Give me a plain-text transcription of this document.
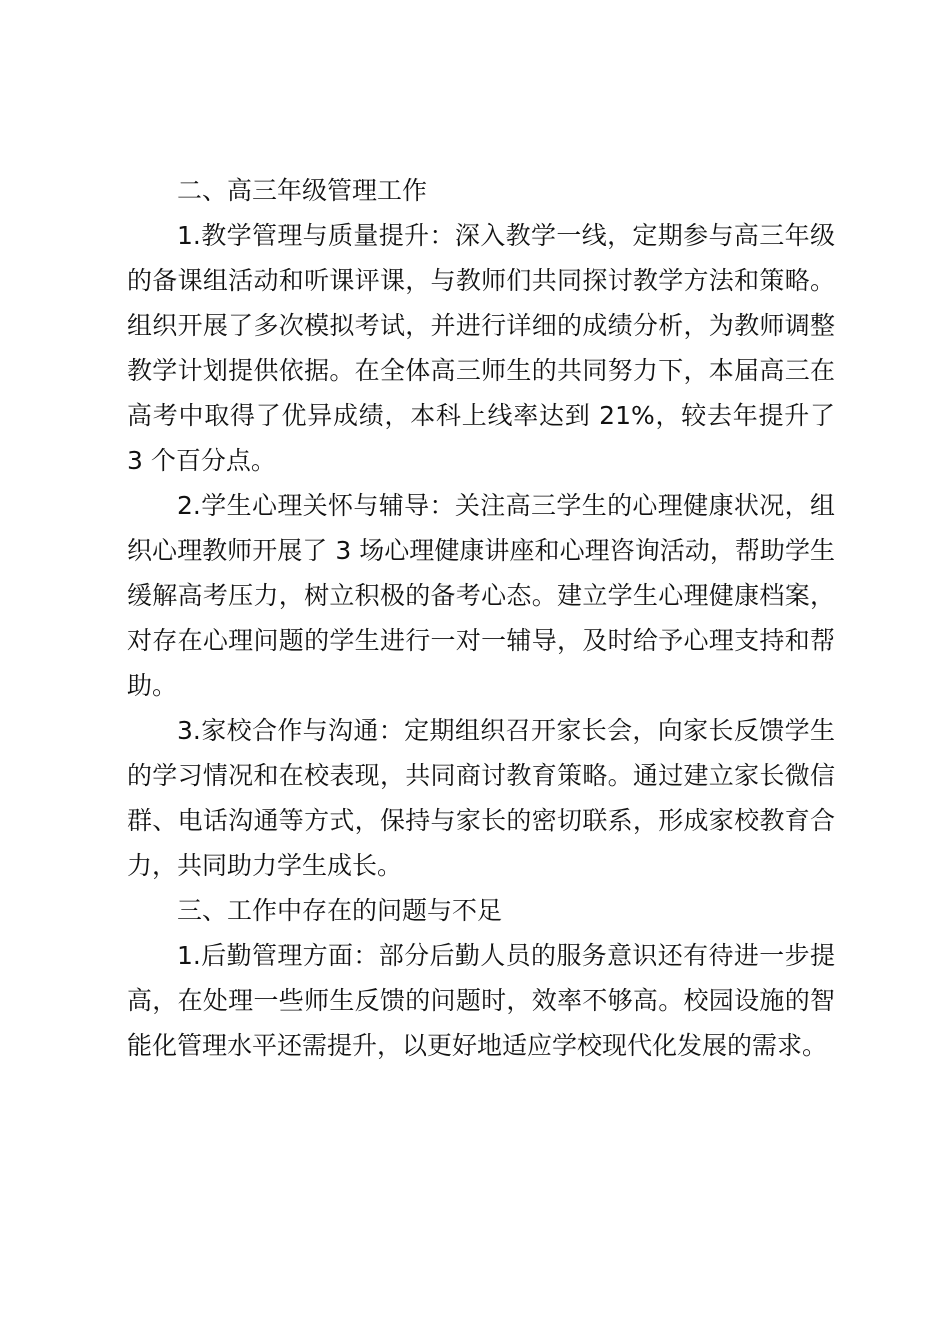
二、高三年级管理工作

1.教学管理与质量提升：深入教学一线，定期参与高三年级的备课组活动和听课评课，与教师们共同探讨教学方法和策略。组织开展了多次模拟考试，并进行详细的成绩分析，为教师调整教学计划提供依据。在全体高三师生的共同努力下，本届高三在高考中取得了优异成绩，本科上线率达到 21%，较去年提升了 3 个百分点。

2.学生心理关怀与辅导：关注高三学生的心理健康状况，组织心理教师开展了 3 场心理健康讲座和心理咨询活动，帮助学生缓解高考压力，树立积极的备考心态。建立学生心理健康档案，对存在心理问题的学生进行一对一辅导，及时给予心理支持和帮助。

3.家校合作与沟通：定期组织召开家长会，向家长反馈学生的学习情况和在校表现，共同商讨教育策略。通过建立家长微信群、电话沟通等方式，保持与家长的密切联系，形成家校教育合力，共同助力学生成长。

三、工作中存在的问题与不足

1.后勤管理方面：部分后勤人员的服务意识还有待进一步提高，在处理一些师生反馈的问题时，效率不够高。校园设施的智能化管理水平还需提升，以更好地适应学校现代化发展的需求。
